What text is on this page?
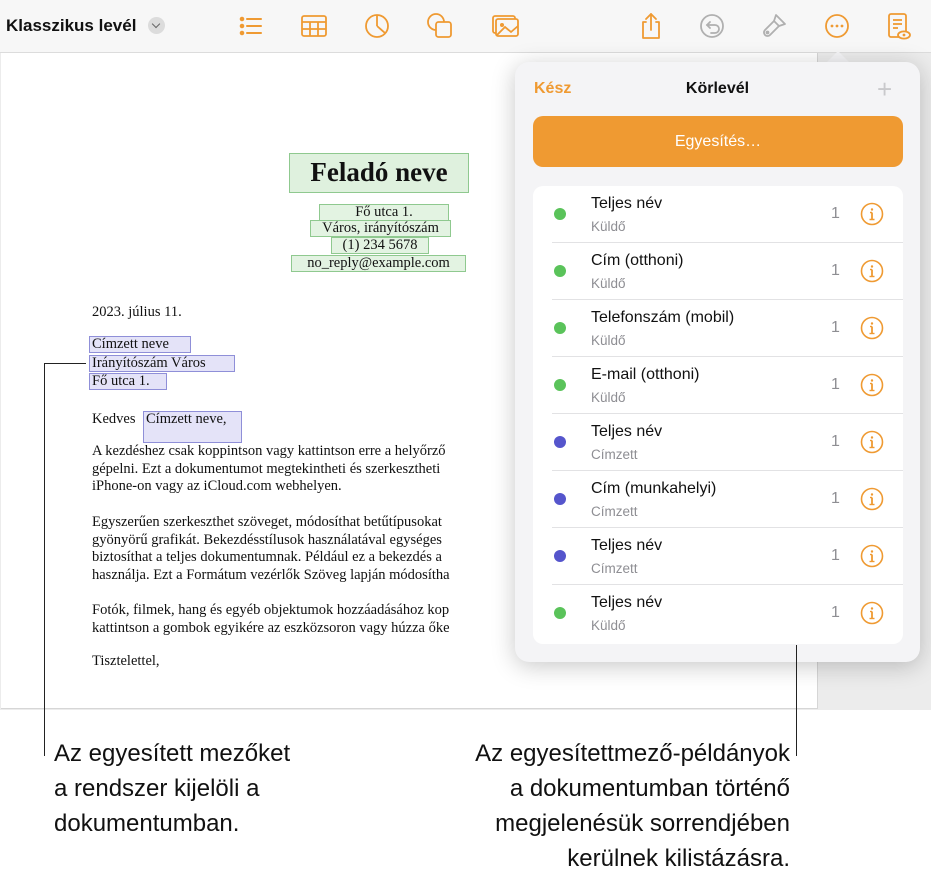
Klasszikus levél
Feladó neve
Fő utca 1.
Város, irányítószám
(1) 234 5678
no_reply@example.com
2023. július 11.
Címzett neve
Irányítószám Város
Fő utca 1.
Kedves Címzett neve,
A kezdéshez csak koppintson vagy kattintson erre a helyőrző
gépelni. Ezt a dokumentumot megtekintheti és szerkesztheti
iPhone-on vagy az iCloud.com webhelyen.
Egyszerűen szerkeszthet szöveget, módosíthat betűtípusokat
gyönyörű grafikát. Bekezdésstílusok használatával egységes
biztosíthat a teljes dokumentumnak. Például ez a bekezdés a
használja. Ezt a Formátum vezérlők Szöveg lapján módosítha
Fotók, filmek, hang és egyéb objektumok hozzáadásához kop
kattintson a gombok egyikére az eszközsoron vagy húzza őke
Tisztelettel,
Kész	Körlevél	+
Egyesítés…
Teljes név
Küldő
1
Cím (otthoni)
Küldő
1
Telefonszám (mobil)
Küldő
1
E-mail (otthoni)
Küldő
1
Teljes név
Címzett
1
Cím (munkahelyi)
Címzett
1
Teljes név
Címzett
1
Teljes név
Küldő
1
Az egyesített mezőket
a rendszer kijelöli a
dokumentumban.
Az egyesítettmező-példányok
a dokumentumban történő
megjelenésük sorrendjében
kerülnek kilistázásra.
